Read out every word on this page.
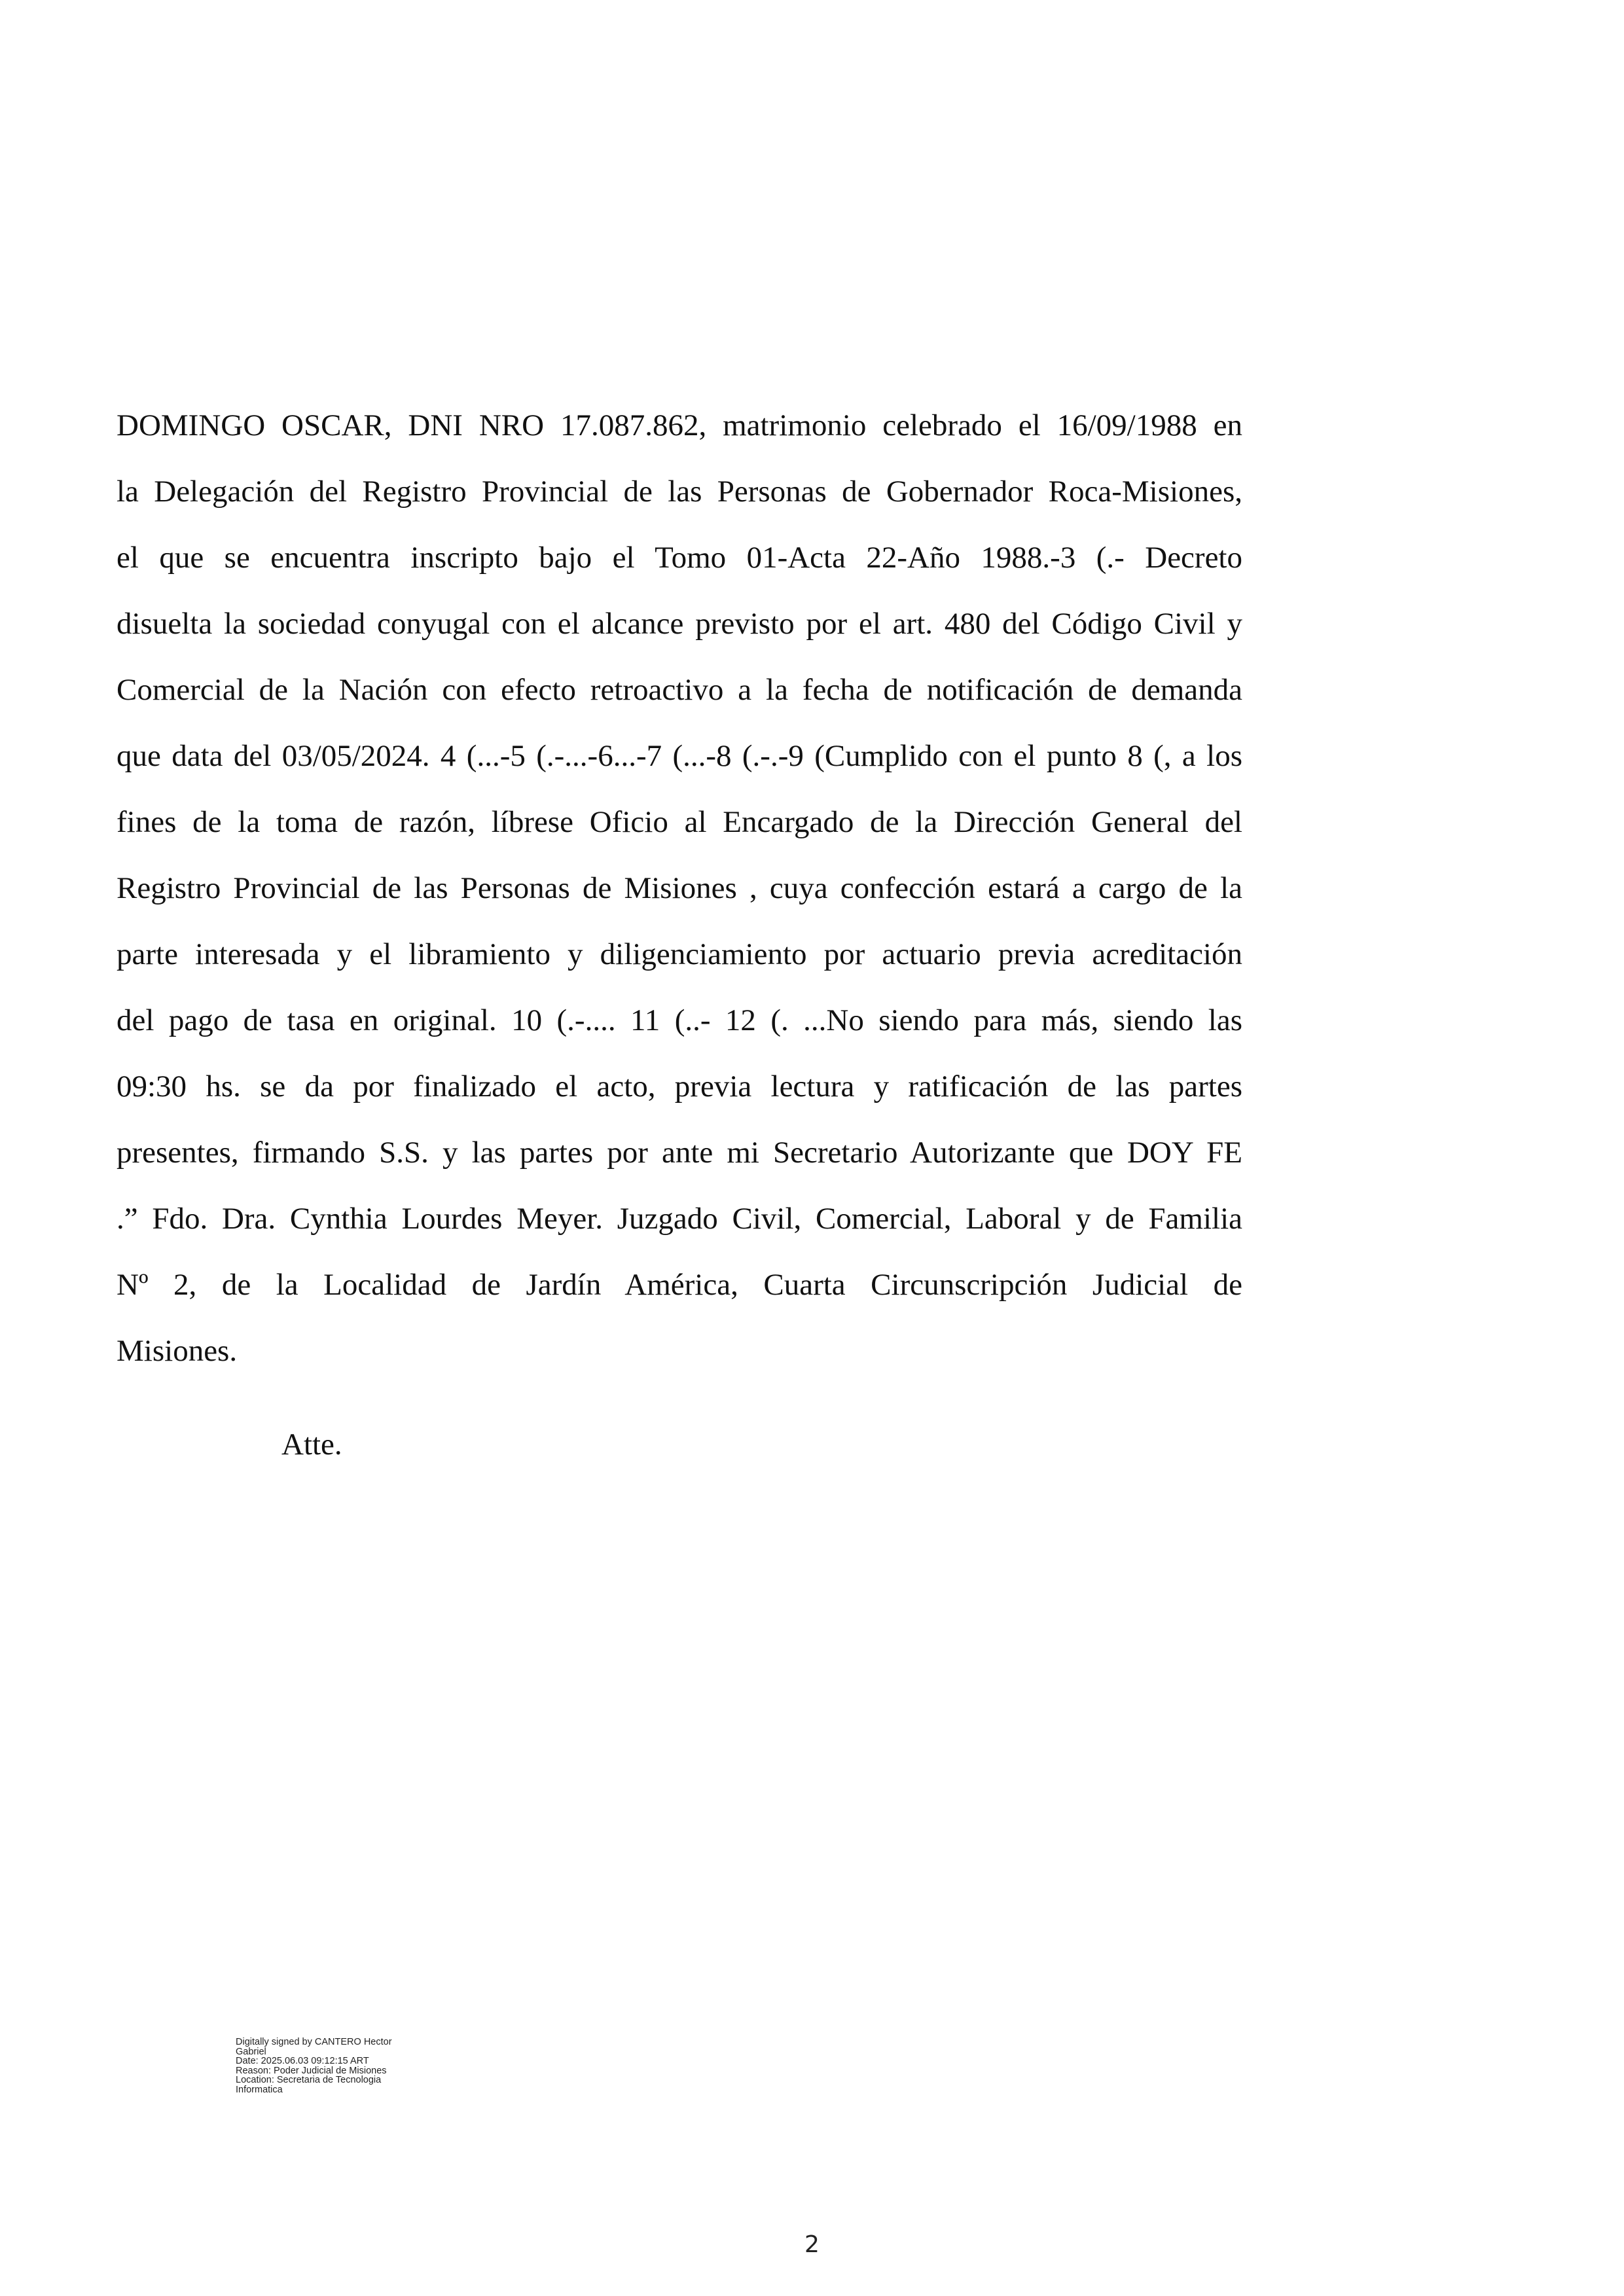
DOMINGO OSCAR, DNI NRO 17.087.862, matrimonio celebrado el 16/09/1988 en
la Delegación del Registro Provincial de las Personas de Gobernador Roca-Misiones,
el que se encuentra inscripto bajo el Tomo 01-Acta 22-Año 1988.-3 (.- Decreto
disuelta la sociedad conyugal con el alcance previsto por el art. 480 del Código Civil y
Comercial de la Nación con efecto retroactivo a la fecha de notificación de demanda
que data del 03/05/2024. 4 (...-5 (.-...-6...-7 (...-8 (.-.-9 (Cumplido con el punto 8 (, a los
fines de la toma de razón, líbrese Oficio al Encargado de la Dirección General del
Registro Provincial de las Personas de Misiones , cuya confección estará a cargo de la
parte interesada y el libramiento y diligenciamiento por actuario previa acreditación
del pago de tasa en original. 10 (.-.... 11 (..- 12 (. ...No siendo para más, siendo las
09:30 hs. se da por finalizado el acto, previa lectura y ratificación de las partes
presentes, firmando S.S. y las partes por ante mi Secretario Autorizante que DOY FE
.” Fdo. Dra. Cynthia Lourdes Meyer. Juzgado Civil, Comercial, Laboral y de Familia
Nº 2, de la Localidad de Jardín América, Cuarta Circunscripción Judicial de
Misiones.
Atte.
Digitally signed by CANTERO Hector
Gabriel
Date: 2025.06.03 09:12:15 ART
Reason: Poder Judicial de Misiones
Location: Secretaria de Tecnologia
Informatica
2
